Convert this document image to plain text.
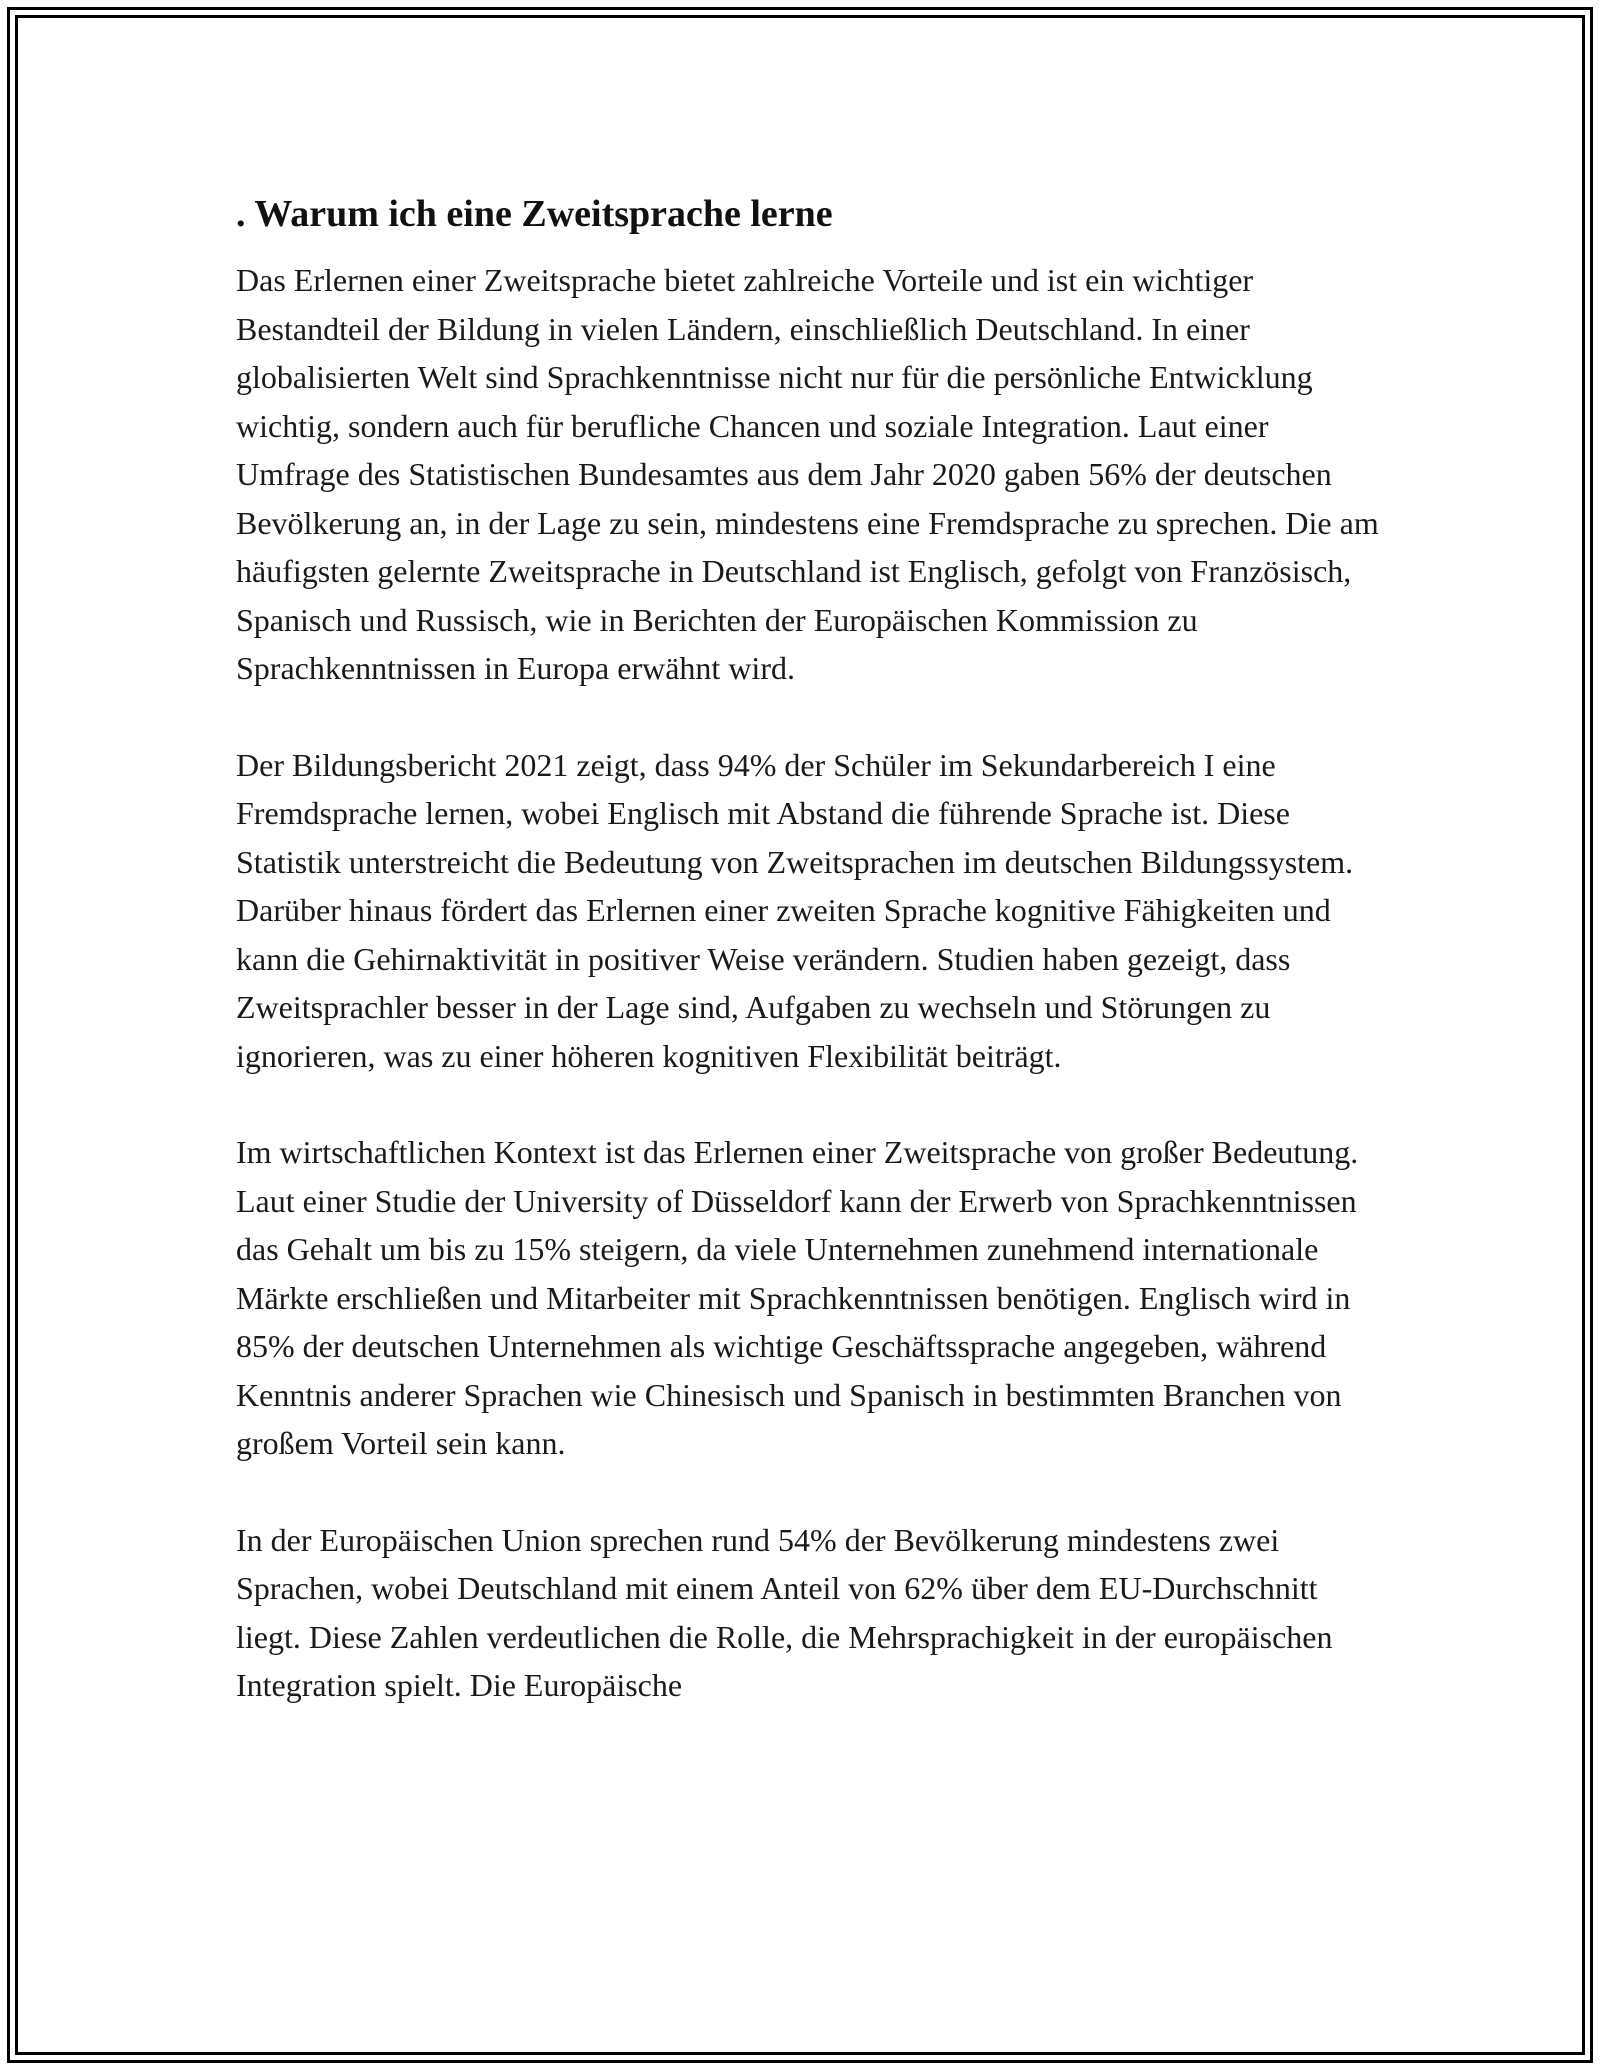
. Warum ich eine Zweitsprache lerne

Das Erlernen einer Zweitsprache bietet zahlreiche Vorteile und ist ein wichtiger Bestandteil der Bildung in vielen Ländern, einschließlich Deutschland. In einer globalisierten Welt sind Sprachkenntnisse nicht nur für die persönliche Entwicklung wichtig, sondern auch für berufliche Chancen und soziale Integration. Laut einer Umfrage des Statistischen Bundesamtes aus dem Jahr 2020 gaben 56% der deutschen Bevölkerung an, in der Lage zu sein, mindestens eine Fremdsprache zu sprechen. Die am häufigsten gelernte Zweitsprache in Deutschland ist Englisch, gefolgt von Französisch, Spanisch und Russisch, wie in Berichten der Europäischen Kommission zu Sprachkenntnissen in Europa erwähnt wird.

Der Bildungsbericht 2021 zeigt, dass 94% der Schüler im Sekundarbereich I eine Fremdsprache lernen, wobei Englisch mit Abstand die führende Sprache ist. Diese Statistik unterstreicht die Bedeutung von Zweitsprachen im deutschen Bildungssystem. Darüber hinaus fördert das Erlernen einer zweiten Sprache kognitive Fähigkeiten und kann die Gehirnaktivität in positiver Weise verändern. Studien haben gezeigt, dass Zweitsprachler besser in der Lage sind, Aufgaben zu wechseln und Störungen zu ignorieren, was zu einer höheren kognitiven Flexibilität beiträgt.

Im wirtschaftlichen Kontext ist das Erlernen einer Zweitsprache von großer Bedeutung. Laut einer Studie der University of Düsseldorf kann der Erwerb von Sprachkenntnissen das Gehalt um bis zu 15% steigern, da viele Unternehmen zunehmend internationale Märkte erschließen und Mitarbeiter mit Sprachkenntnissen benötigen. Englisch wird in 85% der deutschen Unternehmen als wichtige Geschäftssprache angegeben, während Kenntnis anderer Sprachen wie Chinesisch und Spanisch in bestimmten Branchen von großem Vorteil sein kann.

In der Europäischen Union sprechen rund 54% der Bevölkerung mindestens zwei Sprachen, wobei Deutschland mit einem Anteil von 62% über dem EU-Durchschnitt liegt. Diese Zahlen verdeutlichen die Rolle, die Mehrsprachigkeit in der europäischen Integration spielt. Die Europäische
